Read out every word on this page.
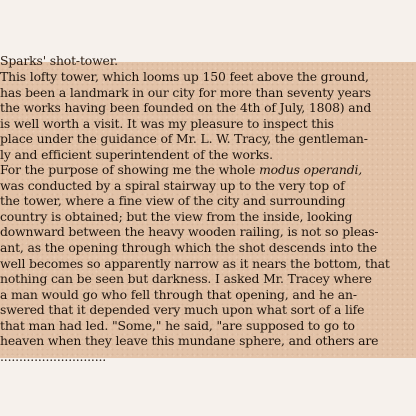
Sparks' shot-tower.
This lofty tower, which looms up 150 feet above the ground,
has been a landmark in our city for more than seventy years
the works having been founded on the 4th of July, 1808) and
is well worth a visit. It was my pleasure to inspect this
place under the guidance of Mr. L. W. Tracy, the gentleman-
ly and efficient superintendent of the works.
For the purpose of showing me the whole modus operandi,
was conducted by a spiral stairway up to the very top of
the tower, where a fine view of the city and surrounding
country is obtained; but the view from the inside, looking
downward between the heavy wooden railing, is not so pleas-
ant, as the opening through which the shot descends into the
well becomes so apparently narrow as it nears the bottom, that
nothing can be seen but darkness. I asked Mr. Tracey where
a man would go who fell through that opening, and he an-
swered that it depended very much upon what sort of a life
that man had led. "Some," he said, "are supposed to go to
heaven when they leave this mundane sphere, and others are
............................
